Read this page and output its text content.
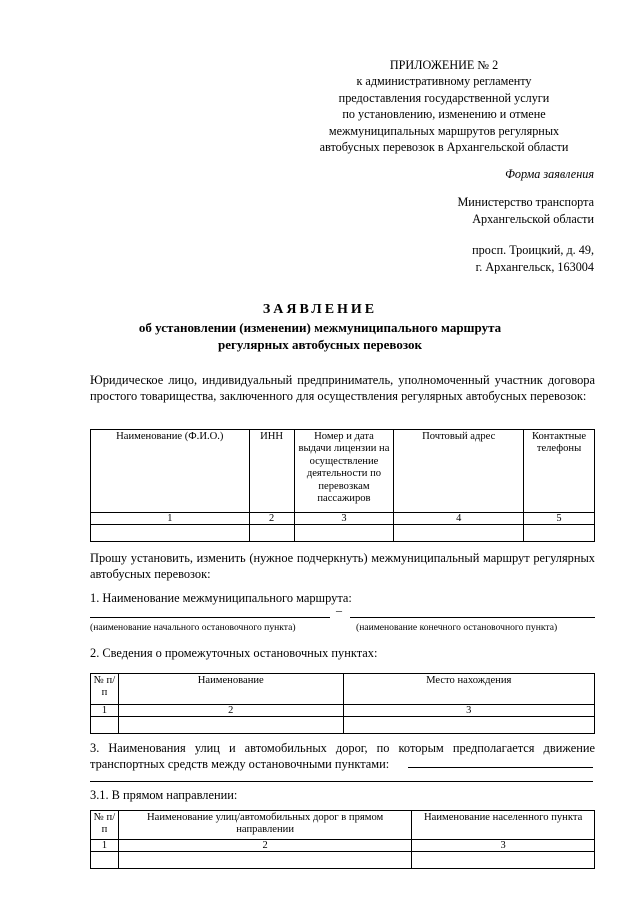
ПРИЛОЖЕНИЕ № 2
к административному регламенту
предоставления государственной услуги
по установлению, изменению и отмене
межмуниципальных маршрутов регулярных
автобусных перевозок в Архангельской области
Форма заявления
Министерство транспорта
Архангельской области
просп. Троицкий, д. 49,
г. Архангельск, 163004
ЗАЯВЛЕНИЕ
об установлении (изменении) межмуниципального маршрута
регулярных автобусных перевозок
Юридическое лицо, индивидуальный предприниматель, уполномоченный участник договора простого товарищества, заключенного для осуществления регулярных автобусных перевозок:
Наименование (Ф.И.О.)	ИНН	Номер и дата выдачи лицензии на осуществление деятельности по перевозкам пассажиров	Почтовый адрес	Контактные телефоны
1	2	3	4	5

Прошу установить, изменить (нужное подчеркнуть) межмуниципальный маршрут регулярных автобусных перевозок:
1. Наименование межмуниципального маршрута:
–
(наименование начального остановочного пункта)	(наименование конечного остановочного пункта)
2. Сведения о промежуточных остановочных пунктах:
№ п/п	Наименование	Место нахождения
1	2	3

3. Наименования улиц и автомобильных дорог, по которым предполагается движение транспортных средств между остановочными пунктами:
3.1. В прямом направлении:
№ п/п	Наименование улиц/автомобильных дорог в прямом направлении	Наименование населенного пункта
1	2	3
